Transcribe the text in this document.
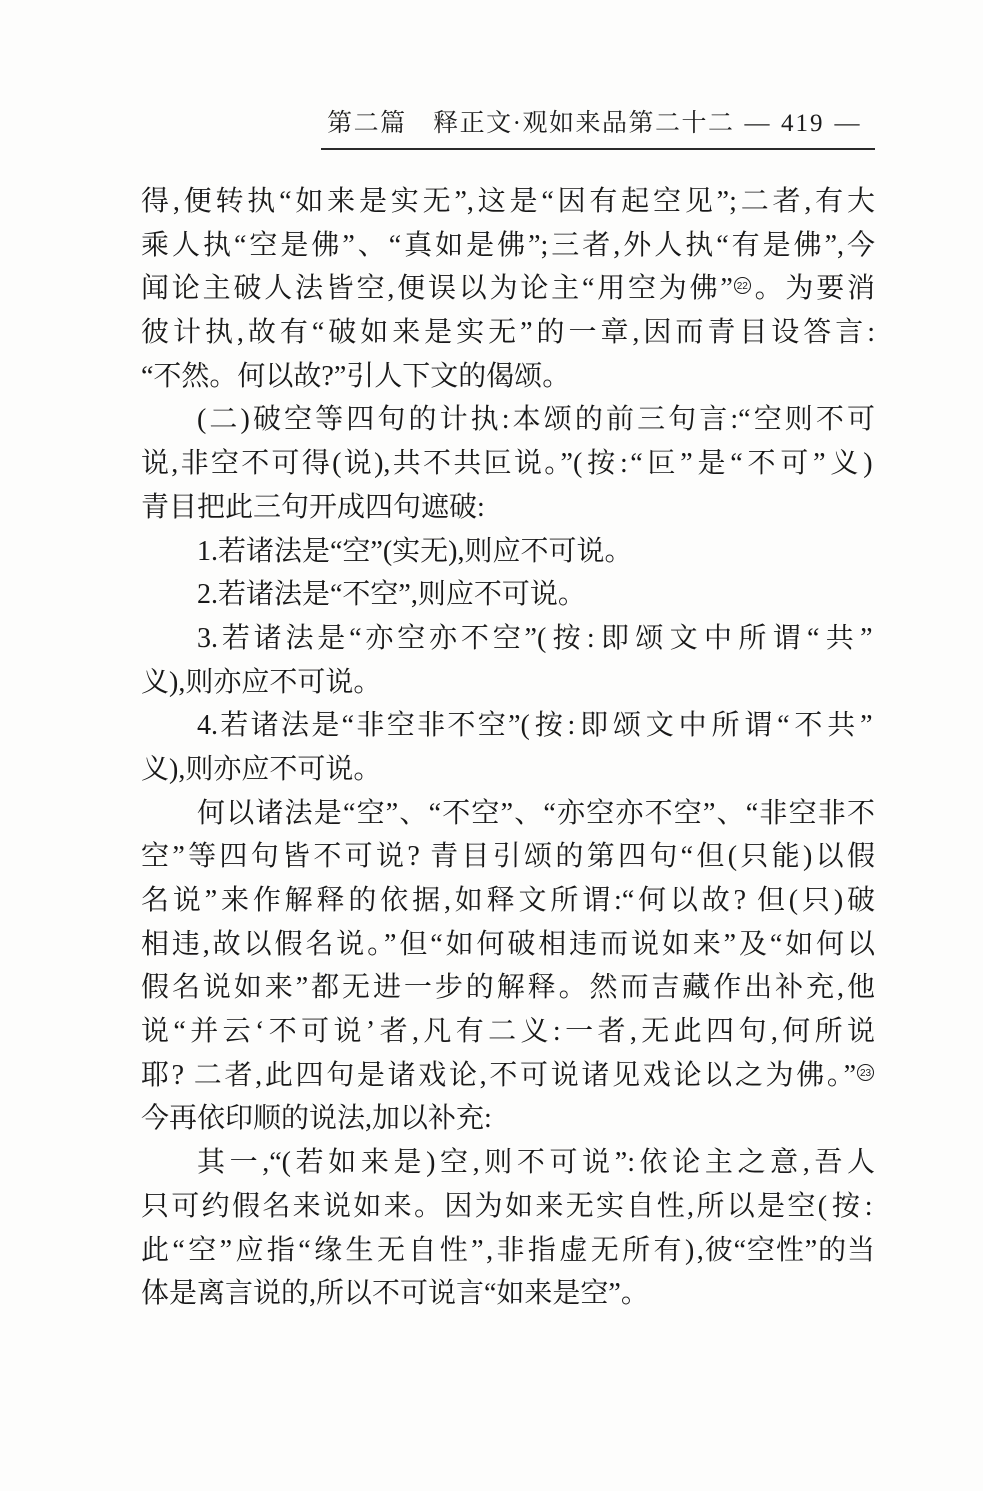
第二篇　释正文·观如来品第二十二 — 419 —
得,便转执“如来是实无”,这是“因有起空见”;二者,有大
乘人执“空是佛”、“真如是佛”;三者,外人执“有是佛”,今
闻论主破人法皆空,便误以为论主“用空为佛” 22 。为要消
彼计执,故有“破如来是实无”的一章,因而青目设答言:
“不然。何以故?”引人下文的偈颂。
(二)破空等四句的计执:本颂的前三句言:“空则不可
说,非空不可得(说),共不共叵说。”(按:“叵”是“不可”义)
青目把此三句开成四句遮破:
1.若诸法是“空”(实无),则应不可说。
2.若诸法是“不空”,则应不可说。
3.若诸法是“亦空亦不空”(按:即颂文中所谓“共”
义),则亦应不可说。
4.若诸法是“非空非不空”(按:即颂文中所谓“不共”
义),则亦应不可说。
何以诸法是“空”、“不空”、“亦空亦不空”、“非空非不
空”等四句皆不可说? 青目引颂的第四句“但(只能)以假
名说”来作解释的依据,如释文所谓:“何以故? 但(只)破
相违,故以假名说。”但“如何破相违而说如来”及“如何以
假名说如来”都无进一步的解释。然而吉藏作出补充,他
说“并云‘不可说’者,凡有二义:一者,无此四句,何所说
耶? 二者,此四句是诸戏论,不可说诸见戏论以之为佛。” 23
今再依印顺的说法,加以补充:
其一,“(若如来是)空,则不可说”:依论主之意,吾人
只可约假名来说如来。因为如来无实自性,所以是空(按:
此“空”应指“缘生无自性”,非指虚无所有),彼“空性”的当
体是离言说的,所以不可说言“如来是空”。
